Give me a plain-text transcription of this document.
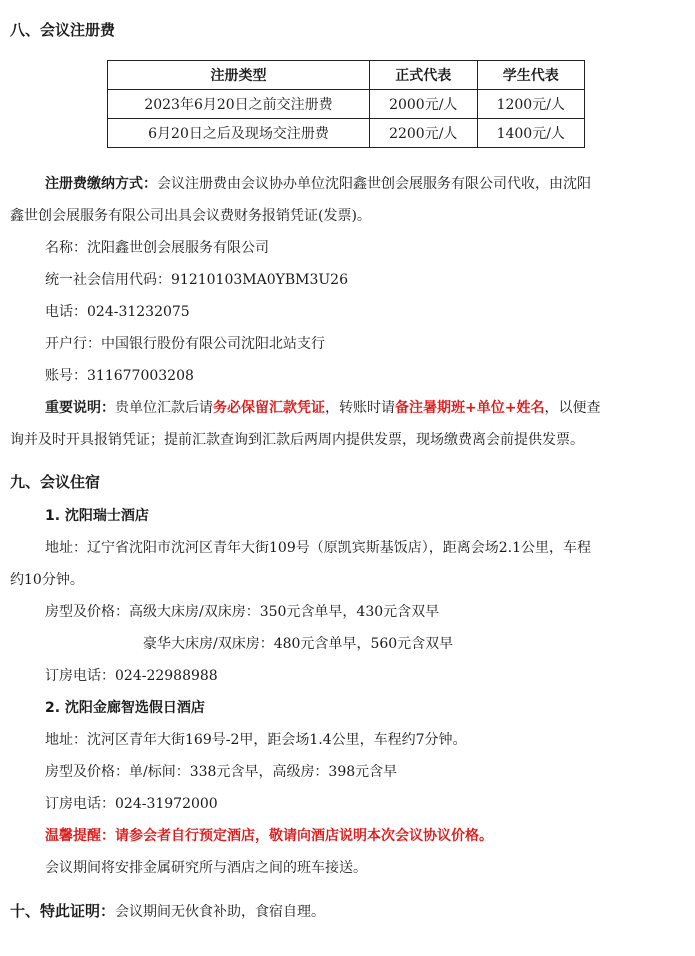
八、会议注册费
注册类型	正式代表	学生代表
2023年6月20日之前交注册费	2000元/人	1200元/人
6月20日之后及现场交注册费	2200元/人	1400元/人
注册费缴纳方式：会议注册费由会议协办单位沈阳鑫世创会展服务有限公司代收，由沈阳
鑫世创会展服务有限公司出具会议费财务报销凭证(发票)。
名称：沈阳鑫世创会展服务有限公司
统一社会信用代码：91210103MA0YBM3U26
电话：024-31232075
开户行：中国银行股份有限公司沈阳北站支行
账号：311677003208
重要说明：贵单位汇款后请务必保留汇款凭证，转账时请备注暑期班+单位+姓名，以便查
询并及时开具报销凭证；提前汇款查询到汇款后两周内提供发票，现场缴费离会前提供发票。
九、会议住宿
1. 沈阳瑞士酒店
地址：辽宁省沈阳市沈河区青年大街109号（原凯宾斯基饭店），距离会场2.1公里，车程
约10分钟。
房型及价格：高级大床房/双床房：350元含单早，430元含双早
豪华大床房/双床房：480元含单早，560元含双早
订房电话：024-22988988
2. 沈阳金廊智选假日酒店
地址：沈河区青年大街169号-2甲，距会场1.4公里，车程约7分钟。
房型及价格：单/标间：338元含早，高级房：398元含早
订房电话：024-31972000
温馨提醒：请参会者自行预定酒店，敬请向酒店说明本次会议协议价格。
会议期间将安排金属研究所与酒店之间的班车接送。
十、特此证明：会议期间无伙食补助，食宿自理。
